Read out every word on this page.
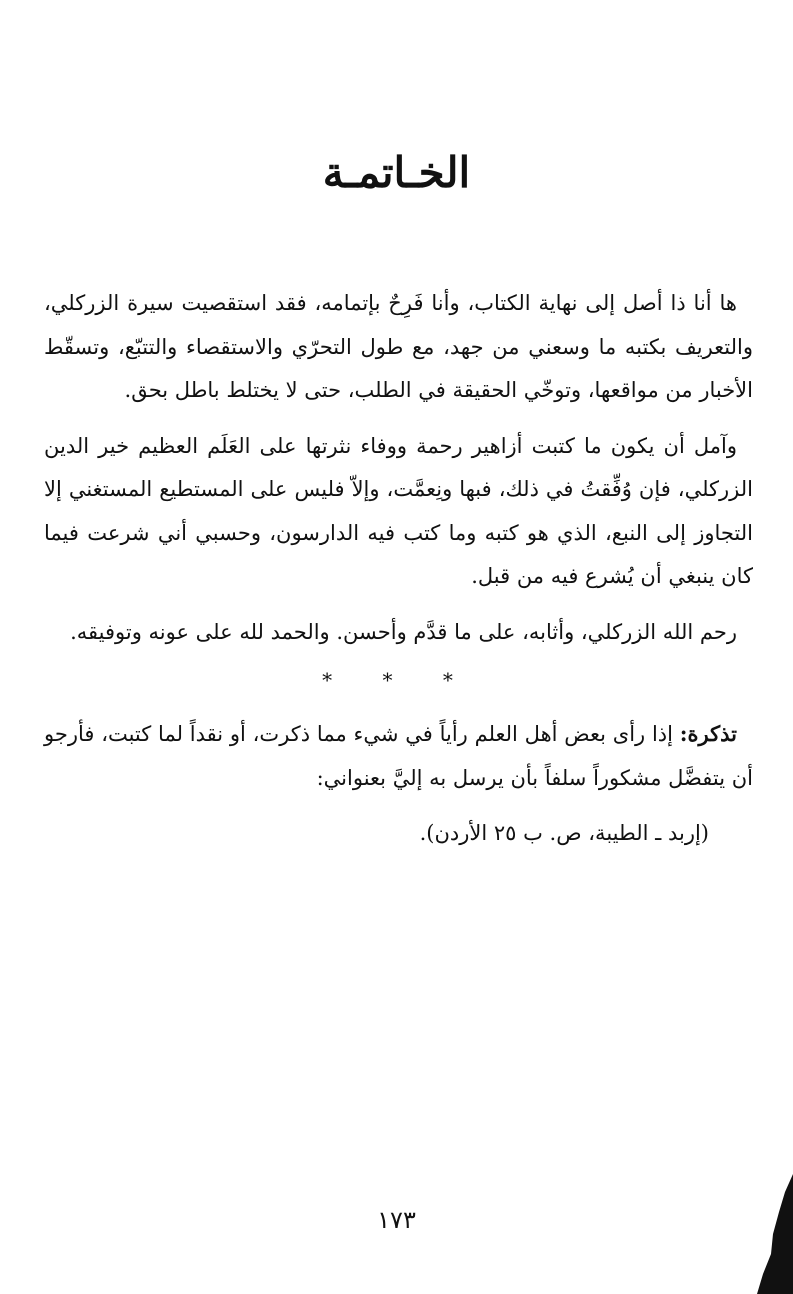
الخـاتمـة

ها أنا ذا أصل إلى نهاية الكتاب، وأنا فَرِحٌ بإتمامه، فقد استقصيت سيرة الزركلي، والتعريف بكتبه ما وسعني من جهد، مع طول التحرّي والاستقصاء والتتبّع، وتسقّط الأخبار من مواقعها، وتوخّي الحقيقة في الطلب، حتى لا يختلط باطل بحق.

وآمل أن يكون ما كتبت أزاهير رحمة ووفاء نثرتها على العَلَم العظيم خير الدين الزركلي، فإن وُفِّقتُ في ذلك، فبها ونِعمَّت، وإلاّ فليس على المستطيع المستغني إلا التجاوز إلى النبع، الذي هو كتبه وما كتب فيه الدارسون، وحسبي أني شرعت فيما كان ينبغي أن يُشرع فيه من قبل.

رحم الله الزركلي، وأثابه، على ما قدَّم وأحسن. والحمد لله على عونه وتوفيقه.

* * *

تذكرة: إذا رأى بعض أهل العلم رأياً في شيء مما ذكرت، أو نقداً لما كتبت، فأرجو أن يتفضَّل مشكوراً سلفاً بأن يرسل به إليَّ بعنواني:

(إربد ـ الطيبة، ص. ب ٢٥ الأردن).

١٧٣
